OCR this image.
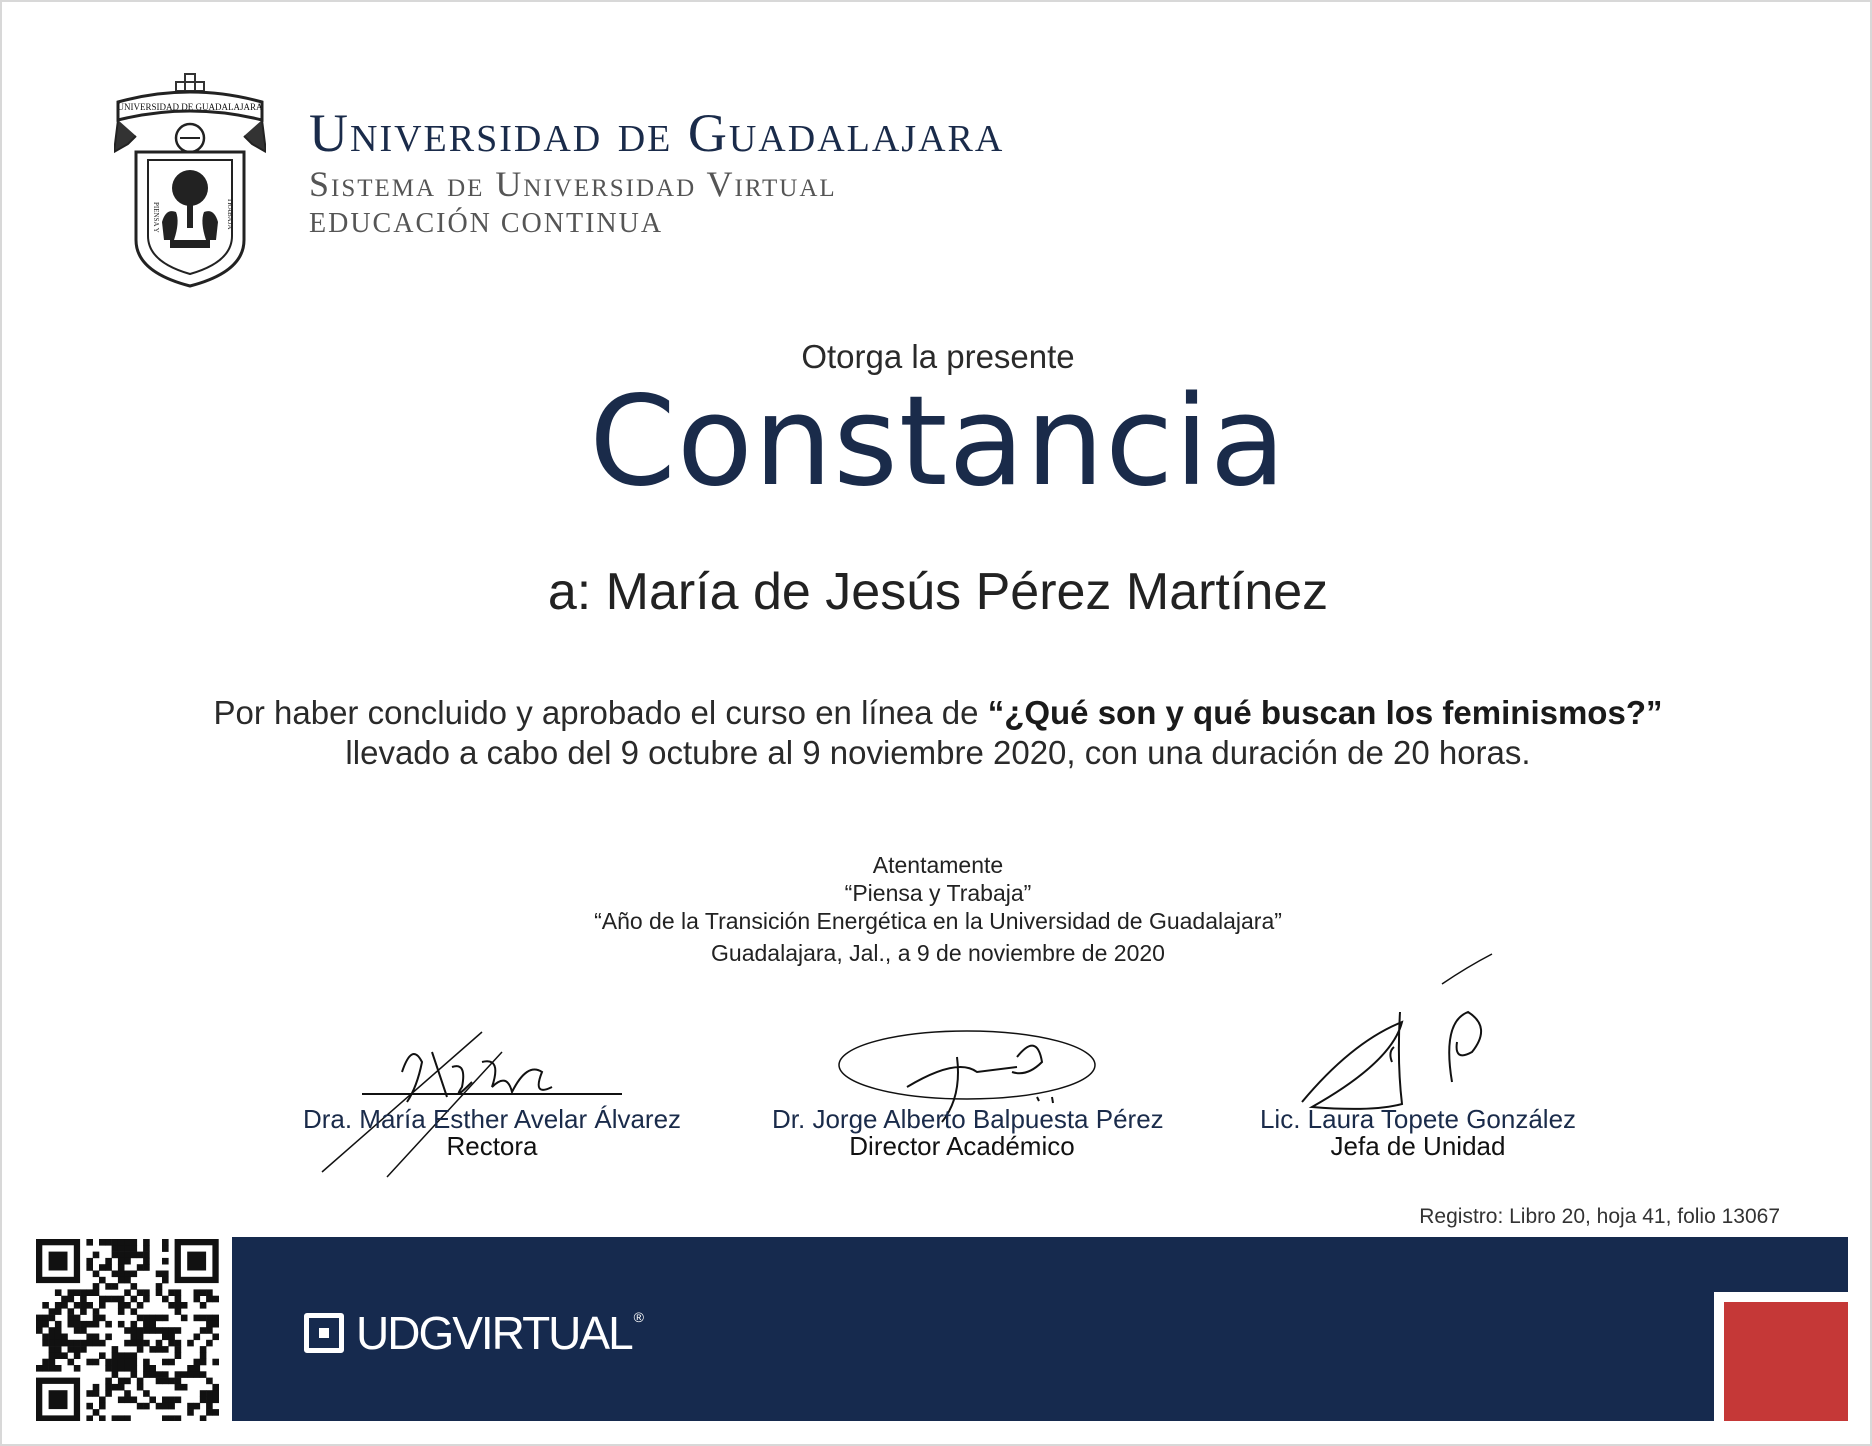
UNIVERSIDAD DE GUADALAJARA
PIENSA Y	TRABAJA
Universidad de Guadalajara
Sistema de Universidad Virtual
EDUCACIÓN CONTINUA
Otorga la presente
Constancia
a: María de Jesús Pérez Martínez
Por haber concluido y aprobado el curso en línea de “¿Qué son y qué buscan los feminismos?”
llevado a cabo del 9 octubre al 9 noviembre 2020, con una duración de 20 horas.
Atentamente
“Piensa y Trabaja”
“Año de la Transición Energética en la Universidad de Guadalajara”
Guadalajara, Jal., a 9 de noviembre de 2020
Dra. María Esther Avelar Álvarez
Rectora
Dr. Jorge Alberto Balpuesta Pérez
Director Académico
Lic. Laura Topete González
Jefa de Unidad
Registro: Libro 20, hoja 41, folio 13067
UDGVIRTUAL ®
